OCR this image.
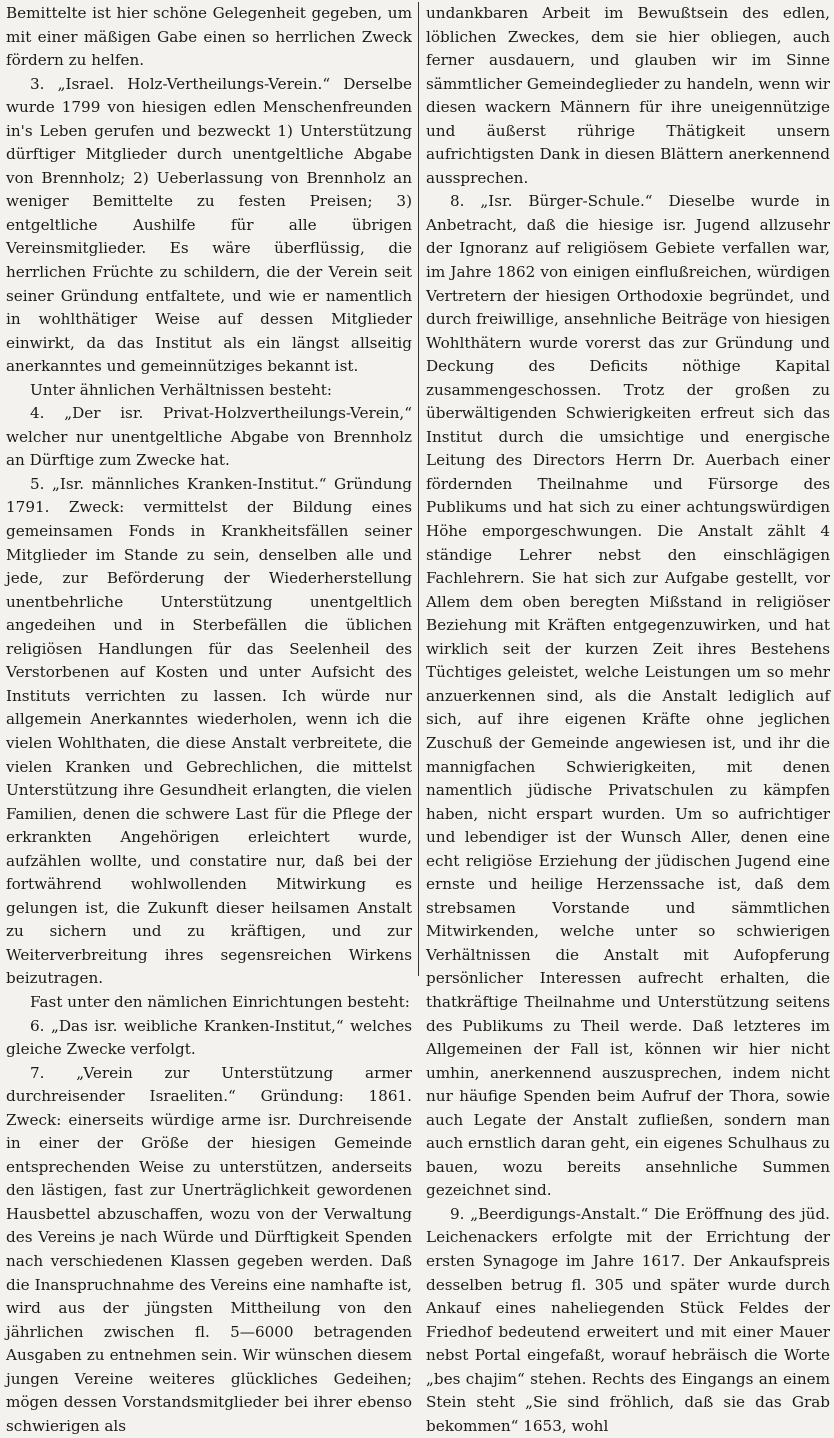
Bemittelte ist hier schöne Gelegenheit gegeben, um mit einer mäßigen Gabe einen so herrlichen Zweck fördern zu helfen.

3. „Israel. Holz-Vertheilungs-Verein.“ Derselbe wurde 1799 von hiesigen edlen Menschenfreunden in's Leben gerufen und bezweckt 1) Unterstützung dürftiger Mitglieder durch unentgeltliche Abgabe von Brennholz; 2) Ueberlassung von Brennholz an weniger Bemittelte zu festen Preisen; 3) entgeltliche Aushilfe für alle übrigen Vereinsmitglieder. Es wäre überflüssig, die herrlichen Früchte zu schildern, die der Verein seit seiner Gründung entfaltete, und wie er namentlich in wohlthätiger Weise auf dessen Mitglieder einwirkt, da das Institut als ein längst allseitig anerkanntes und gemeinnütziges bekannt ist.

Unter ähnlichen Verhältnissen besteht:

4. „Der isr. Privat-Holzvertheilungs-Verein,“ welcher nur unentgeltliche Abgabe von Brennholz an Dürftige zum Zwecke hat.

5. „Isr. männliches Kranken-Institut.“ Gründung 1791. Zweck: vermittelst der Bildung eines gemeinsamen Fonds in Krankheitsfällen seiner Mitglieder im Stande zu sein, denselben alle und jede, zur Beförderung der Wiederherstellung unentbehrliche Unterstützung unentgeltlich angedeihen und in Sterbefällen die üblichen religiösen Handlungen für das Seelenheil des Verstorbenen auf Kosten und unter Aufsicht des Instituts verrichten zu lassen. Ich würde nur allgemein Anerkanntes wiederholen, wenn ich die vielen Wohlthaten, die diese Anstalt verbreitete, die vielen Kranken und Gebrechlichen, die mittelst Unterstützung ihre Gesundheit erlangten, die vielen Familien, denen die schwere Last für die Pflege der erkrankten Angehörigen erleichtert wurde, aufzählen wollte, und constatire nur, daß bei der fortwährend wohlwollenden Mitwirkung es gelungen ist, die Zukunft dieser heilsamen Anstalt zu sichern und zu kräftigen, und zur Weiterverbreitung ihres segensreichen Wirkens beizutragen.

Fast unter den nämlichen Einrichtungen besteht:

6. „Das isr. weibliche Kranken-Institut,“ welches gleiche Zwecke verfolgt.

7. „Verein zur Unterstützung armer durchreisender Israeliten.“ Gründung: 1861. Zweck: einerseits würdige arme isr. Durchreisende in einer der Größe der hiesigen Gemeinde entsprechenden Weise zu unterstützen, anderseits den lästigen, fast zur Unerträglichkeit gewordenen Hausbettel abzuschaffen, wozu von der Verwaltung des Vereins je nach Würde und Dürftigkeit Spenden nach verschiedenen Klassen gegeben werden. Daß die Inanspruchnahme des Vereins eine namhafte ist, wird aus der jüngsten Mittheilung von den jährlichen zwischen fl. 5—6000 betragenden Ausgaben zu entnehmen sein. Wir wünschen diesem jungen Vereine weiteres glückliches Gedeihen; mögen dessen Vorstandsmitglieder bei ihrer ebenso schwierigen als

undankbaren Arbeit im Bewußtsein des edlen, löblichen Zweckes, dem sie hier obliegen, auch ferner ausdauern, und glauben wir im Sinne sämmtlicher Gemeindeglieder zu handeln, wenn wir diesen wackern Männern für ihre uneigennützige und äußerst rührige Thätigkeit unsern aufrichtigsten Dank in diesen Blättern anerkennend aussprechen.

8. „Isr. Bürger-Schule.“ Dieselbe wurde in Anbetracht, daß die hiesige isr. Jugend allzusehr der Ignoranz auf religiösem Gebiete verfallen war, im Jahre 1862 von einigen einflußreichen, würdigen Vertretern der hiesigen Orthodoxie begründet, und durch freiwillige, ansehnliche Beiträge von hiesigen Wohlthätern wurde vorerst das zur Gründung und Deckung des Deficits nöthige Kapital zusammengeschossen. Trotz der großen zu überwältigenden Schwierigkeiten erfreut sich das Institut durch die umsichtige und energische Leitung des Directors Herrn Dr. Auerbach einer fördernden Theilnahme und Fürsorge des Publikums und hat sich zu einer achtungswürdigen Höhe emporgeschwungen. Die Anstalt zählt 4 ständige Lehrer nebst den einschlägigen Fachlehrern. Sie hat sich zur Aufgabe gestellt, vor Allem dem oben beregten Mißstand in religiöser Beziehung mit Kräften entgegenzuwirken, und hat wirklich seit der kurzen Zeit ihres Bestehens Tüchtiges geleistet, welche Leistungen um so mehr anzuerkennen sind, als die Anstalt lediglich auf sich, auf ihre eigenen Kräfte ohne jeglichen Zuschuß der Gemeinde angewiesen ist, und ihr die mannigfachen Schwierigkeiten, mit denen namentlich jüdische Privatschulen zu kämpfen haben, nicht erspart wurden. Um so aufrichtiger und lebendiger ist der Wunsch Aller, denen eine echt religiöse Erziehung der jüdischen Jugend eine ernste und heilige Herzenssache ist, daß dem strebsamen Vorstande und sämmtlichen Mitwirkenden, welche unter so schwierigen Verhältnissen die Anstalt mit Aufopferung persönlicher Interessen aufrecht erhalten, die thatkräftige Theilnahme und Unterstützung seitens des Publikums zu Theil werde. Daß letzteres im Allgemeinen der Fall ist, können wir hier nicht umhin, anerkennend auszusprechen, indem nicht nur häufige Spenden beim Aufruf der Thora, sowie auch Legate der Anstalt zufließen, sondern man auch ernstlich daran geht, ein eigenes Schulhaus zu bauen, wozu bereits ansehnliche Summen gezeichnet sind.

9. „Beerdigungs-Anstalt.“ Die Eröffnung des jüd. Leichenackers erfolgte mit der Errichtung der ersten Synagoge im Jahre 1617. Der Ankaufspreis desselben betrug fl. 305 und später wurde durch Ankauf eines naheliegenden Stück Feldes der Friedhof bedeutend erweitert und mit einer Mauer nebst Portal eingefaßt, worauf hebräisch die Worte „bes chajim“ stehen. Rechts des Eingangs an einem Stein steht „Sie sind fröhlich, daß sie das Grab bekommen“ 1653, wohl
